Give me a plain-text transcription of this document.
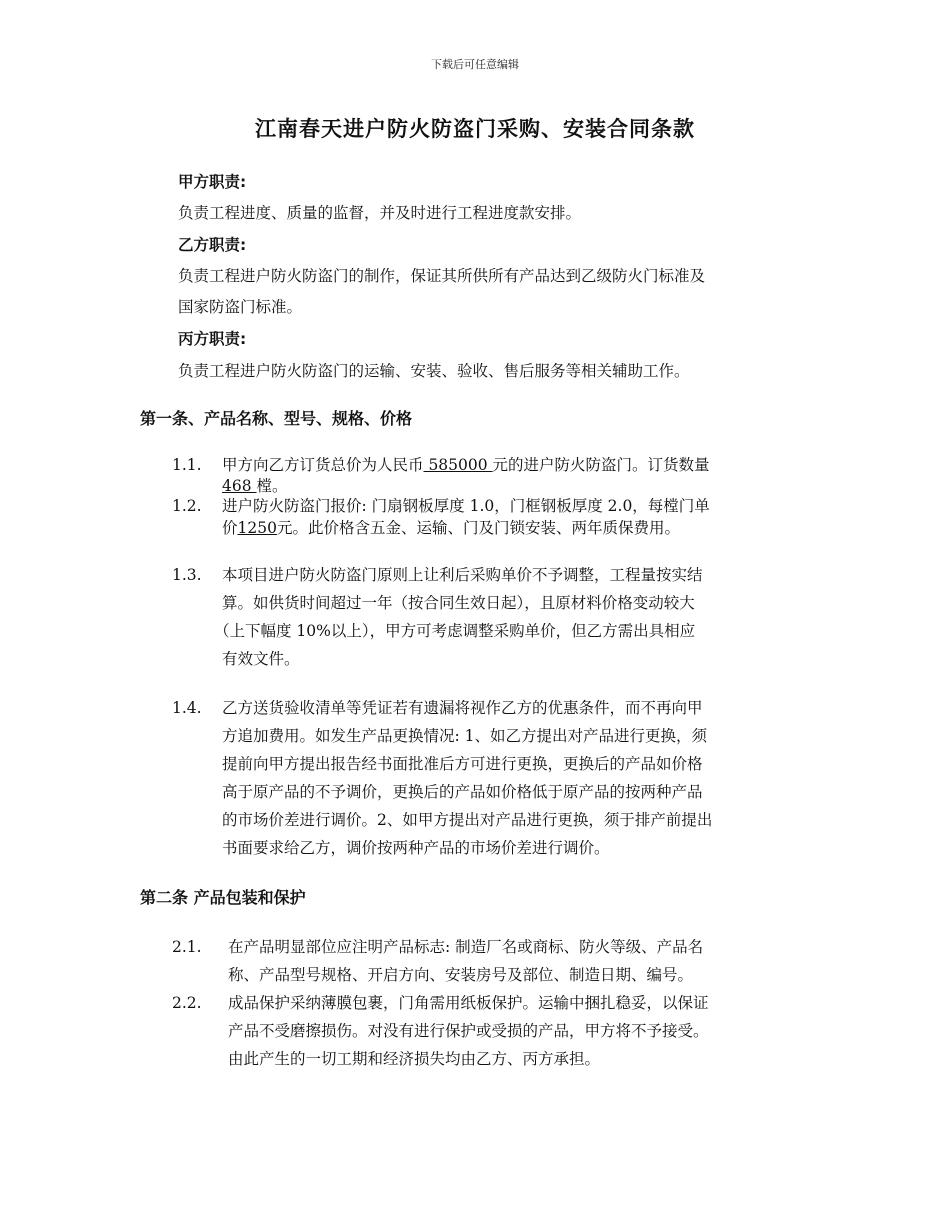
下载后可任意编辑
江南春天进户防火防盗门采购、安装合同条款
甲方职责:
负责工程进度、质量的监督，并及时进行工程进度款安排。
乙方职责:
负责工程进户防火防盗门的制作，保证其所供所有产品达到乙级防火门标准及
国家防盗门标准。
丙方职责:
负责工程进户防火防盗门的运输、安装、验收、售后服务等相关辅助工作。
第一条、产品名称、型号、规格、价格
1.1. 甲方向乙方订货总价为人民币 585000 元的进户防火防盗门。订货数量
468 樘。
1.2. 进户防火防盗门报价: 门扇钢板厚度 1.0，门框钢板厚度 2.0，每樘门单
价1250元。此价格含五金、运输、门及门锁安装、两年质保费用。
1.3. 本项目进户防火防盗门原则上让利后采购单价不予调整，工程量按实结
算。如供货时间超过一年（按合同生效日起），且原材料价格变动较大
（上下幅度 10%以上），甲方可考虑调整采购单价，但乙方需出具相应
有效文件。
1.4. 乙方送货验收清单等凭证若有遗漏将视作乙方的优惠条件，而不再向甲
方追加费用。如发生产品更换情况: 1、如乙方提出对产品进行更换，须
提前向甲方提出报告经书面批准后方可进行更换，更换后的产品如价格
高于原产品的不予调价，更换后的产品如价格低于原产品的按两种产品
的市场价差进行调价。2、如甲方提出对产品进行更换，须于排产前提出
书面要求给乙方，调价按两种产品的市场价差进行调价。
第二条 产品包装和保护
2.1. 在产品明显部位应注明产品标志: 制造厂名或商标、防火等级、产品名
称、产品型号规格、开启方向、安装房号及部位、制造日期、编号。
2.2. 成品保护采纳薄膜包裹，门角需用纸板保护。运输中捆扎稳妥，以保证
产品不受磨擦损伤。对没有进行保护或受损的产品，甲方将不予接受。
由此产生的一切工期和经济损失均由乙方、丙方承担。
